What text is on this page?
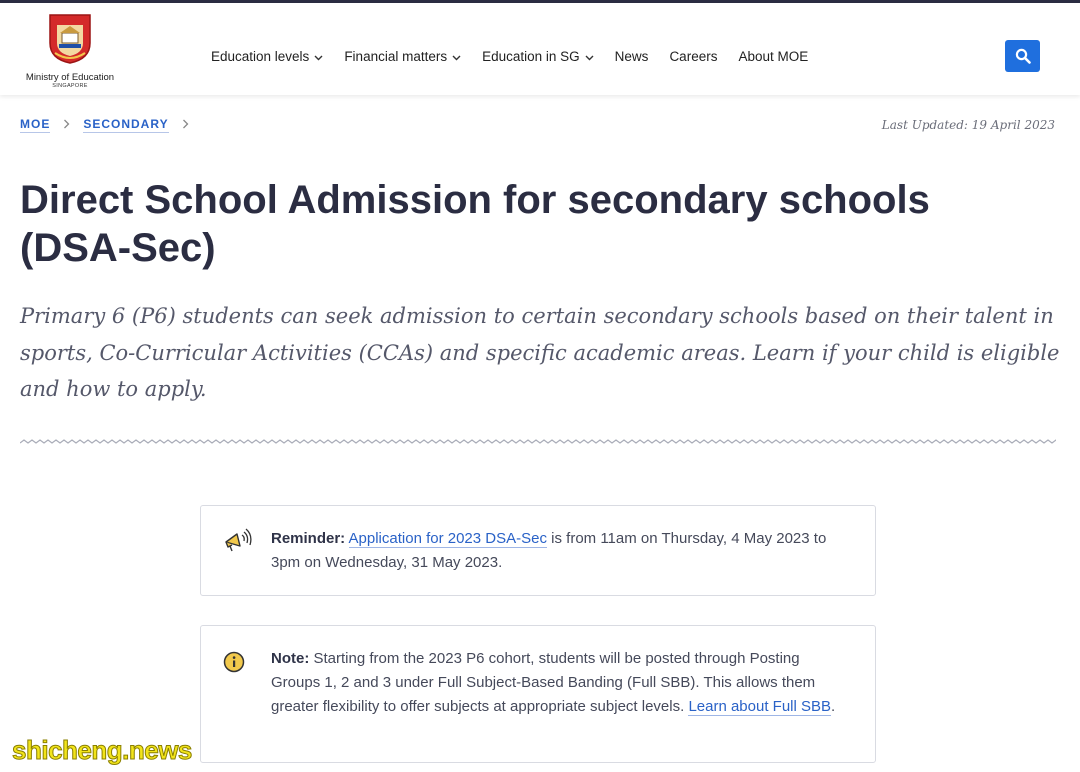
Ministry of Education
SINGAPORE
Education levels	Financial matters	Education in SG	News Careers About MOE
MOE	SECONDARY	Last Updated: 19 April 2023
Direct School Admission for secondary schools (DSA-Sec)

Primary 6 (P6) students can seek admission to certain secondary schools based on their talent in sports, Co-Curricular Activities (CCAs) and specific academic areas. Learn if your child is eligible and how to apply.

Reminder: Application for 2023 DSA-Sec is from 11am on Thursday, 4 May 2023 to 3pm on Wednesday, 31 May 2023.
Note: Starting from the 2023 P6 cohort, students will be posted through Posting Groups 1, 2 and 3 under Full Subject-Based Banding (Full SBB). This allows them greater flexibility to offer subjects at appropriate subject levels. Learn about Full SBB.
shicheng.news
